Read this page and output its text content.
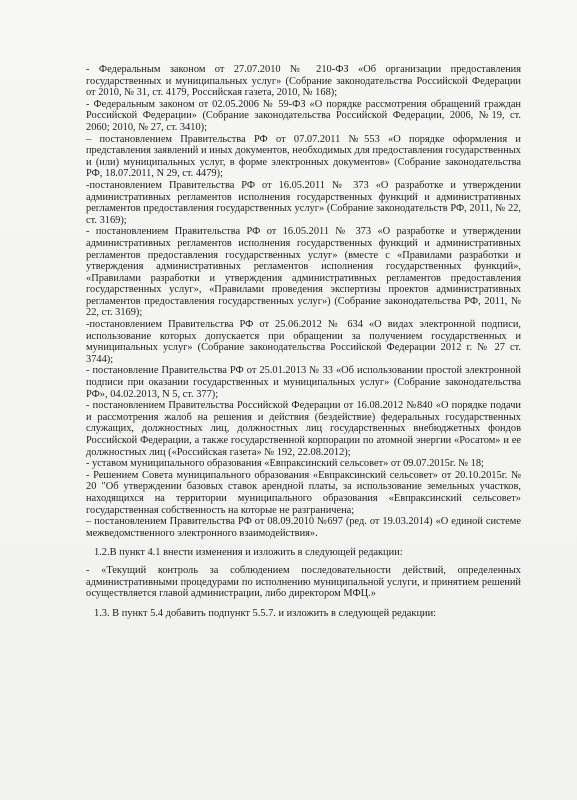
- Федеральным законом от 27.07.2010 № 210-ФЗ «Об организации предоставления государственных и муниципальных услуг» (Собрание законодательства Российской Федерации от 2010, № 31, ст. 4179, Российская газета, 2010, № 168);

- Федеральным законом от 02.05.2006 № 59-ФЗ «О порядке рассмотрения обращений граждан Российской Федерации» (Собрание законодательства Российской Федерации, 2006, №19, ст. 2060; 2010, № 27, ст. 3410);

– постановлением Правительства РФ от 07.07.2011 №553 «О порядке оформления и представления заявлений и иных документов, необходимых для предоставления государственных и (или) муниципальных услуг, в форме электронных документов» (Собрание законодательства РФ, 18.07.2011, N 29, ст. 4479);

-постановлением Правительства РФ от 16.05.2011 № 373 «О разработке и утверждении административных регламентов исполнения государственных функций и административных регламентов предоставления государственных услуг» (Собрание законодательств РФ, 2011, № 22, ст. 3169);

- постановлением Правительства РФ от 16.05.2011 № 373 «О разработке и утверждении административных регламентов исполнения государственных функций и административных регламентов предоставления государственных услуг» (вместе с «Правилами разработки и утверждения административных регламентов исполнения государственных функций», «Правилами разработки и утверждения административных регламентов предоставления государственных услуг», «Правилами проведения экспертизы проектов административных регламентов предоставления государственных услуг») (Собрание законодательства РФ, 2011, № 22, ст. 3169);

-постановлением Правительства РФ от 25.06.2012 № 634 «О видах электронной подписи, использование которых допускается при обращении за получением государственных и муниципальных услуг» (Собрание законодательства Российской Федерации 2012 г. № 27 ст. 3744);

- постановление Правительства РФ от 25.01.2013 № 33 «Об использовании простой электронной подписи при оказании государственных и муниципальных услуг» (Собрание законодательства РФ», 04.02.2013, N 5, ст. 377);

- постановлением Правительства Российской Федерации от 16.08.2012 №840 «О порядке подачи и рассмотрения жалоб на решения и действия (бездействие) федеральных государственных служащих, должностных лиц, должностных лиц государственных внебюджетных фондов Российской Федерации, а также государственной корпорации по атомной энергии «Росатом» и ее должностных лиц («Российская газета» № 192, 22.08.2012);

- уставом муниципального образования «Евпраксинский сельсовет» от 09.07.2015г. № 18;

- Решением Совета муниципального образования «Евпраксинский сельсовет» от 20.10.2015г. № 20 "Об утверждении базовых ставок арендной платы, за использование земельных участков, находящихся на территории муниципального образования «Евпраксинский сельсовет» государственная собственность на которые не разграничена;

– постановлением Правительства РФ от 08.09.2010 №697 (ред. от 19.03.2014) «О единой системе межведомственного электронного взаимодействия».

1.2.В пункт 4.1 внести изменения и изложить в следующей редакции:

- «Текущий контроль за соблюдением последовательности действий, определенных административными процедурами по исполнению муниципальной услуги, и принятием решений осуществляется главой администрации, либо директором МФЦ.»

1.3. В пункт 5.4 добавить подпункт 5.5.7. и изложить в следующей редакции:
